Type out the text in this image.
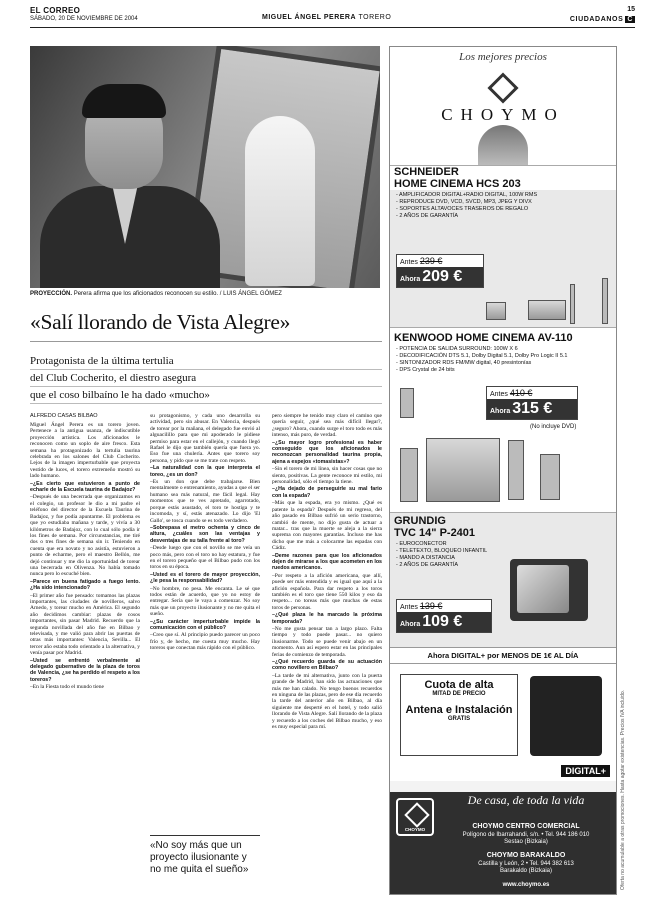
EL CORREO
SÁBADO, 20 DE NOVIEMBRE DE 2004	MIGUEL ÁNGEL PERERA TORERO
15
CIUDADANOS C
PROYECCIÓN. Perera afirma que los aficionados reconocen su estilo. / LUIS ÁNGEL GÓMEZ
«Salí llorando de Vista Alegre»
Protagonista de la última tertulia
del Club Cocherito, el diestro asegura
que el coso bilbaíno le ha dado «mucho»
ALFREDO CASAS BILBAO

Miguel Ángel Perera es un torero joven. Pertenece a la antigua usanza, de indiscutible proyección artística. Los aficionados le reconocen como un soplo de aire fresco. Esta semana ha protagonizado la tertulia taurina celebrada en los salones del Club Cocherito. Lejos de la imagen imperturbable que proyecta vestido de luces, el torero extremeño mostró su lado humano.

–¿Es cierto que estuvieron a punto de echarle de la Escuela taurina de Badajoz?

–Después de una becerrada que organizamos en el colegio, un profesor le dio a mi padre el teléfono del director de la Escuela Taurina de Badajoz, y fue podía apuntarme. El problema es que yo estudiaba mañana y tarde, y vivía a 30 kilómetros de Badajoz, con lo cual sólo podía ir los fines de semana. Por circunstancias, me tiré dos o tres fines de semana sin ir. Teniendo en cuenta que era novato y no asistía, estuvieron a punto de echarme, pero el maestro Bellón, me dejó continuar y me dio la oportunidad de torear una becerrada en Olivenza. No había tomado nunca pero lo escuché bien.

–Parece en buena fatigado a fuego lento. ¿Ha sido intencionado?

–El primer año fue pensado: tomamos las plazas importantes, las ciudades de novilleros, salvo Arnedo, y torear mucho en América. El segundo año decidimos cambiar: plazas de cosos importantes, sin pasar Madrid. Recuerdo que la segunda novillada del año fue en Bilbao y televisada, y me valió para abrir las puertas de otras más importantes: Valencia, Sevilla... El tercer año estaba todo orientado a la alternativa, y venía pasar por Madrid.

–Usted se enfrentó verbalmente al delegado gubernativo de la plaza de toros de Valencia, ¿se ha perdido el respeto a los toreros?

–En la Fiesta todo el mundo tiene

su protagonismo, y cada uno desarrolla su actividad, pero sin abusar. En Valencia, después de torear por la mañana, el delegado fue envió al alguacilillo para que mi apoderado le pidiese permiso para estar en el callejón, y cuando llegó Rafael le dijo que también quería que fuera yo. Eso fue una chulería. Antes que torero soy persona, y pido que se me trate con respeto.

–La naturalidad con la que interpreta el toreo, ¿es un don?

–Es un don que debe trabajarse. Bien mentalmente o entrenamiento, ayudas a que el ser humano sea más natural, me fácil legal. Hay momentos que te ves apretado, agarrotado, porque estás asustado, el toro te hostiga y te incomoda, y sí, estás atenazado. Lo dijo 'El Gallo', se tosca cuando se es todo verdadero.

–Sobrepasa el metro ochenta y cinco de altura, ¿cuáles son las ventajas y desventajas de su talla frente al toro?

–Desde luego que con el novillo se me veía un poco más, pero con el toro no hay estatura, y fue en el torero pequeño que el Bilbao pudo con los toros en su época.

–Usted es el torero de mayor proyección, ¿le pesa la responsabilidad?

–No hombre, no pesa. Me encanta. Le sé que todos están de acuerdo, que yo no estoy de entregar. Sería que le vaya a comenzar. No soy más que un proyecto ilusionante y no me quita el sueño.

–¿Su carácter imperturbable impide la comunicación con el público?

–Creo que sí. Al principio puedo parecer un poco frío y, de hecho, me cuesta muy mucho. Hay toreros que conectan más rápido con el público.

«No soy más que un proyecto ilusionante y no me quita el sueño»

pero siempre he tenido muy claro el camino que quería seguir, ¿qué sea más difícil llegar?, ¿seguro? Ahora, cuando surge el toro todo es más intenso, más puro, de verdad.

–¿Su mayor logro profesional es haber conseguido que los aficionados le reconozcan personalidad taurina propia, ajena a espejos «tomasistas»?

–Sin el torero de mi línea, sin hacer cosas que no siento, positivas. La gente reconoce mi estilo, mi personalidad, sólo el tiempo la tiene.

–¿Ha dejado de perseguirle su mal fario con la espada?

–Más que la espada, era yo mismo. ¿Qué es patente la espada? Después de mi regreso, del año pasado en Bilbao sufrió un serio trastorno, cambió de mente, no dijo gusta de actuar a matar... tras que la muerte se aleja a la sierra suprema con mayores garantías. Incluso me has dicho que me más a colocarme las espadas con Cádiz.

–Deme razones para que los aficionados dejen de mirarse a los que acometen en los ruedos americanos.

–Por respeto a la afición americana, que allí, puede ser más entendida y es igual que aquí a la afición española. Para dar respeto a los toros también es el toro que tiene 550 kilos y eso da respeto... no toreas más que muchas de estas toros de personas.

–¿Qué plaza le ha marcado la próxima temporada?

–No me gusta pensar tan a largo plazo. Falta tiempo y todo puede pasar... no quiero ilusionarme. Todo se puede venir abajo en un momento. Aun así espero estar en las principales ferias de comienzo de temporada.

–¿Qué recuerdo guarda de su actuación como novillero en Bilbao?

–La tarde de mi alternativa, junto con la puerta grande de Madrid, han sido las actuaciones que más me han calado. No tengo buenos recuerdos en ninguna de las plazas, pero de ese día recuerdo la tarde del anterior año en Bilbao, al día siguiente me desperté en el hotel, y todo salió llorando de Vista Alegre. Salí llorando de la plaza y recuerdo a los coches del Bilbao mucho, y eso es muy especial para mí.

Los mejores precios
CHOYMO
SCHNEIDER
HOME CINEMA HCS 203
- AMPLIFICADOR DIGITAL+RADIO DIGITAL, 100W RMS
- REPRODUCE DVD, VCD, SVCD, MP3, JPEG Y DIVX
- SOPORTES ALTAVOCES TRASEROS DE REGALO
- 2 AÑOS DE GARANTÍA
Antes 239 €
Ahora 209 €
KENWOOD HOME CINEMA AV-110
- POTENCIA DE SALIDA SURROUND: 100W X 6
- DECODIFICACIÓN DTS 5.1, Dolby Digital 5.1, Dolby Pro Logic II 5.1
- SINTONIZADOR RDS FM/MW digital, 40 presintonías
- DPS Crystal de 24 bits
Antes 410 €
Ahora 315 €
(No incluye DVD)
GRUNDIG
TVC 14" P-2401
- EUROCONECTOR
- TELETEXTO, BLOQUEO INFANTIL
- MANDO A DISTANCIA
- 2 AÑOS DE GARANTÍA
Antes 139 €
Ahora 109 €
Ahora DIGITAL+ por MENOS DE 1€ AL DÍA
Cuota de alta
MITAD DE PRECIO
Antena e Instalación
GRATIS
DIGITAL+
CHOYMO
De casa, de toda la vida
CHOYMO CENTRO COMERCIAL
Polígono de Ibarrahandi, s/n. • Tel. 944 186 010
Sestao (Bizkaia)
CHOYMO BARAKALDO
Castilla y León, 2 • Tel. 944 382 613
Barakaldo (Bizkaia)
www.choymo.es	Oferta no acumulable a otras promociones. Hasta agotar existencias. Precios IVA incluido.
